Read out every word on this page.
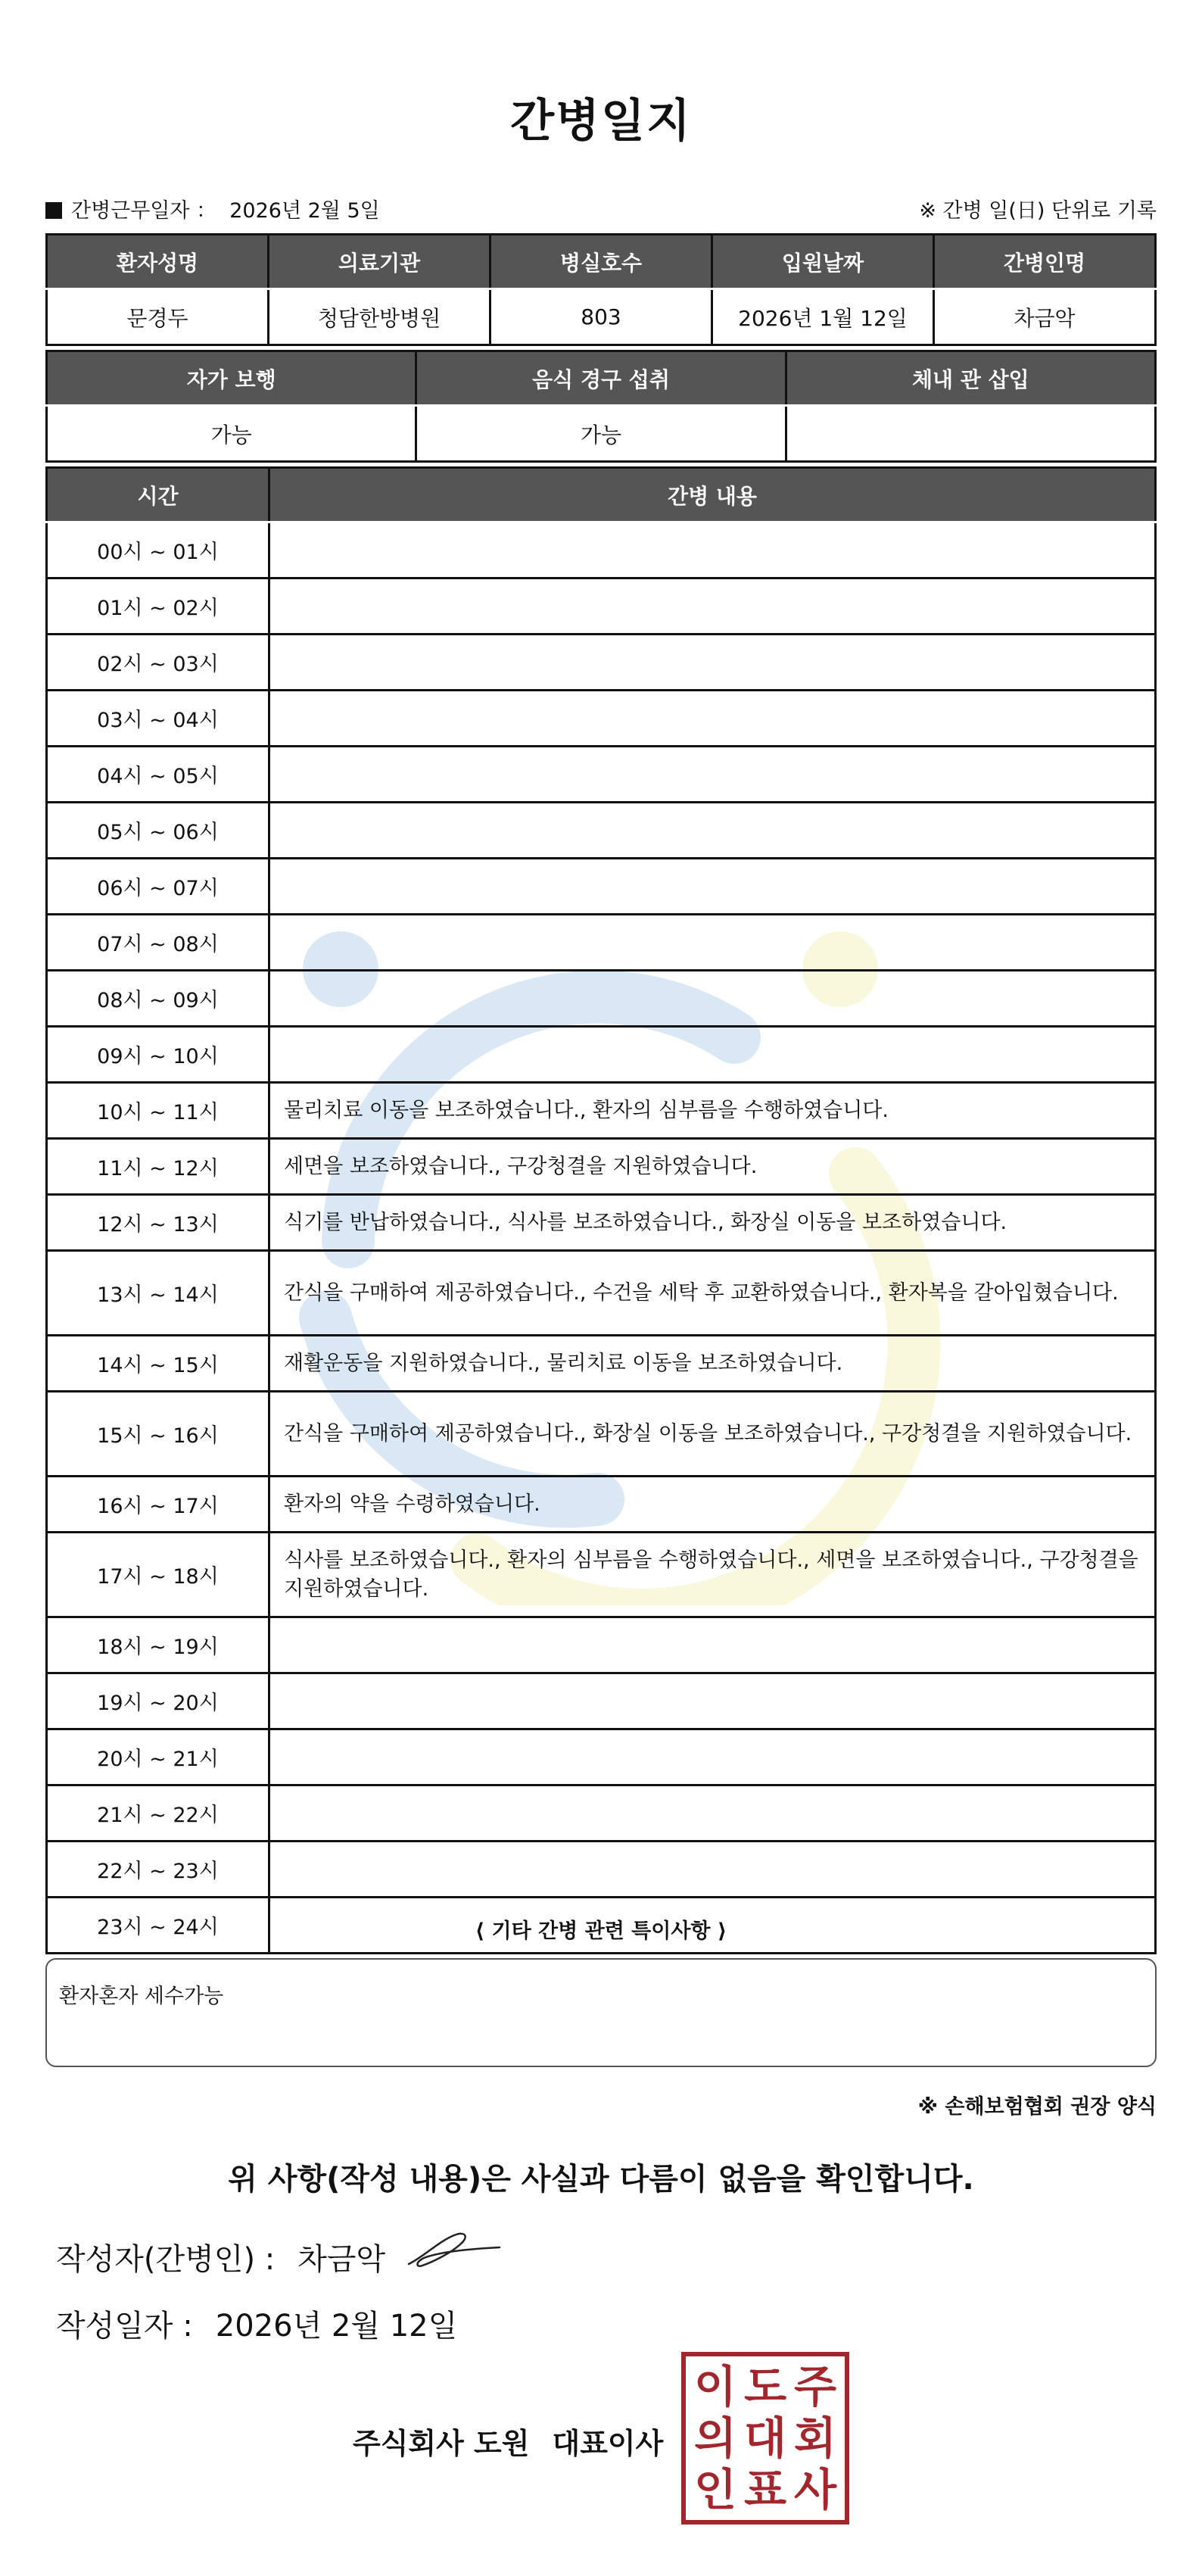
간병일지
간병근무일자 ： 2026년 2월 5일	※ 간병 일(日) 단위로 기록
환자성명	의료기관	병실호수	입원날짜	간병인명
문경두	청담한방병원	803	2026년 1월 12일	차금악
자가 보행	음식 경구 섭취	체내 관 삽입
가능	가능	
시간	간병 내용
00시 ~ 01시	
01시 ~ 02시	
02시 ~ 03시	
03시 ~ 04시	
04시 ~ 05시	
05시 ~ 06시	
06시 ~ 07시	
07시 ~ 08시	
08시 ~ 09시	
09시 ~ 10시	
10시 ~ 11시	물리치료 이동을 보조하였습니다., 환자의 심부름을 수행하였습니다.
11시 ~ 12시	세면을 보조하였습니다., 구강청결을 지원하였습니다.
12시 ~ 13시	식기를 반납하였습니다., 식사를 보조하였습니다., 화장실 이동을 보조하였습니다.
13시 ~ 14시	간식을 구매하여 제공하였습니다., 수건을 세탁 후 교환하였습니다., 환자복을 갈아입혔습니다.
14시 ~ 15시	재활운동을 지원하였습니다., 물리치료 이동을 보조하였습니다.
15시 ~ 16시	간식을 구매하여 제공하였습니다., 화장실 이동을 보조하였습니다., 구강청결을 지원하였습니다.
16시 ~ 17시	환자의 약을 수령하였습니다.
17시 ~ 18시	식사를 보조하였습니다., 환자의 심부름을 수행하였습니다., 세면을 보조하였습니다., 구강청결을 지원하였습니다.
18시 ~ 19시	
19시 ~ 20시	
20시 ~ 21시	
21시 ~ 22시	
22시 ~ 23시	
23시 ~ 24시		⟨ 기타 간병 관련 특이사항 ⟩
환자혼자 세수가능
※ 손해보험협회 권장 양식
위 사항(작성 내용)은 사실과 다름이 없음을 확인합니다.
작성자(간병인) : 차금악
작성일자 : 2026년 2월 12일
주식회사 도원 대표이사
이 도 주
의 대 회
인 표 사
